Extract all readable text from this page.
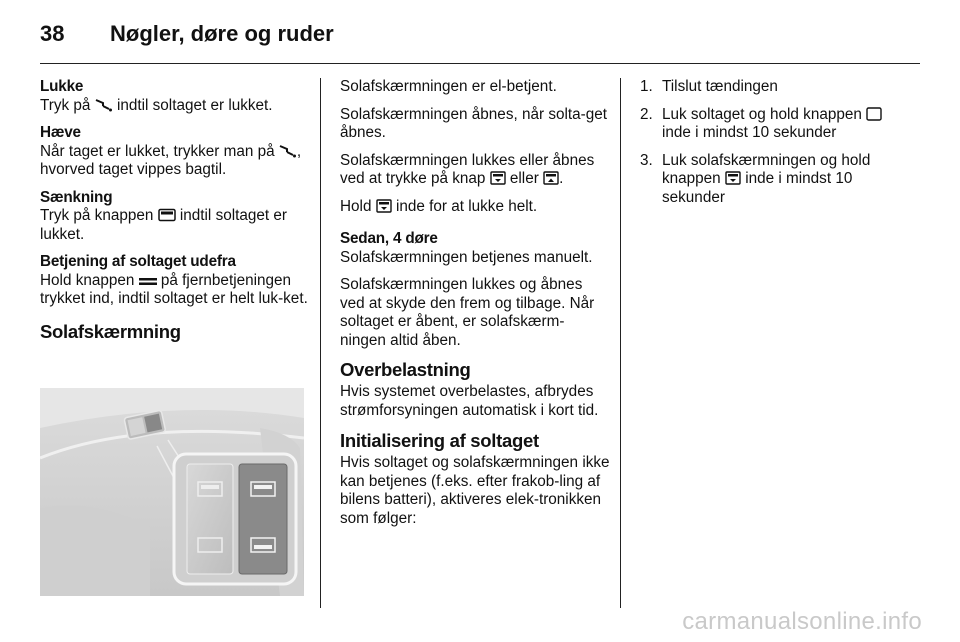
38	Nøgler, døre og ruder

Lukke
Tryk på indtil soltaget er lukket.

Hæve
Når taget er lukket, trykker man på , hvorved taget vippes bagtil.

Sænkning
Tryk på knappen indtil soltaget er lukket.

Betjening af soltaget udefra
Hold knappen på fjernbetjeningen trykket ind, indtil soltaget er helt luk-ket.

Solafskærmning

Solafskærmningen er el-betjent.

Solafskærmningen åbnes, når solta-get åbnes.

Solafskærmningen lukkes eller åbnes ved at trykke på knap eller .

Hold inde for at lukke helt.

Sedan, 4 døre
Solafskærmningen betjenes manuelt.

Solafskærmningen lukkes og åbnes ved at skyde den frem og tilbage. Når soltaget er åbent, er solafskærm-ningen altid åben.

Overbelastning

Hvis systemet overbelastes, afbrydes strømforsyningen automatisk i kort tid.

Initialisering af soltaget

Hvis soltaget og solafskærmningen ikke kan betjenes (f.eks. efter frakob-ling af bilens batteri), aktiveres elek-tronikken som følger:

1. Tilslut tændingen
2. Luk soltaget og hold knappen  inde i mindst 10 sekunder
3. Luk solafskærmningen og hold knappen inde i mindst 10 sekunder
carmanualsonline.info
